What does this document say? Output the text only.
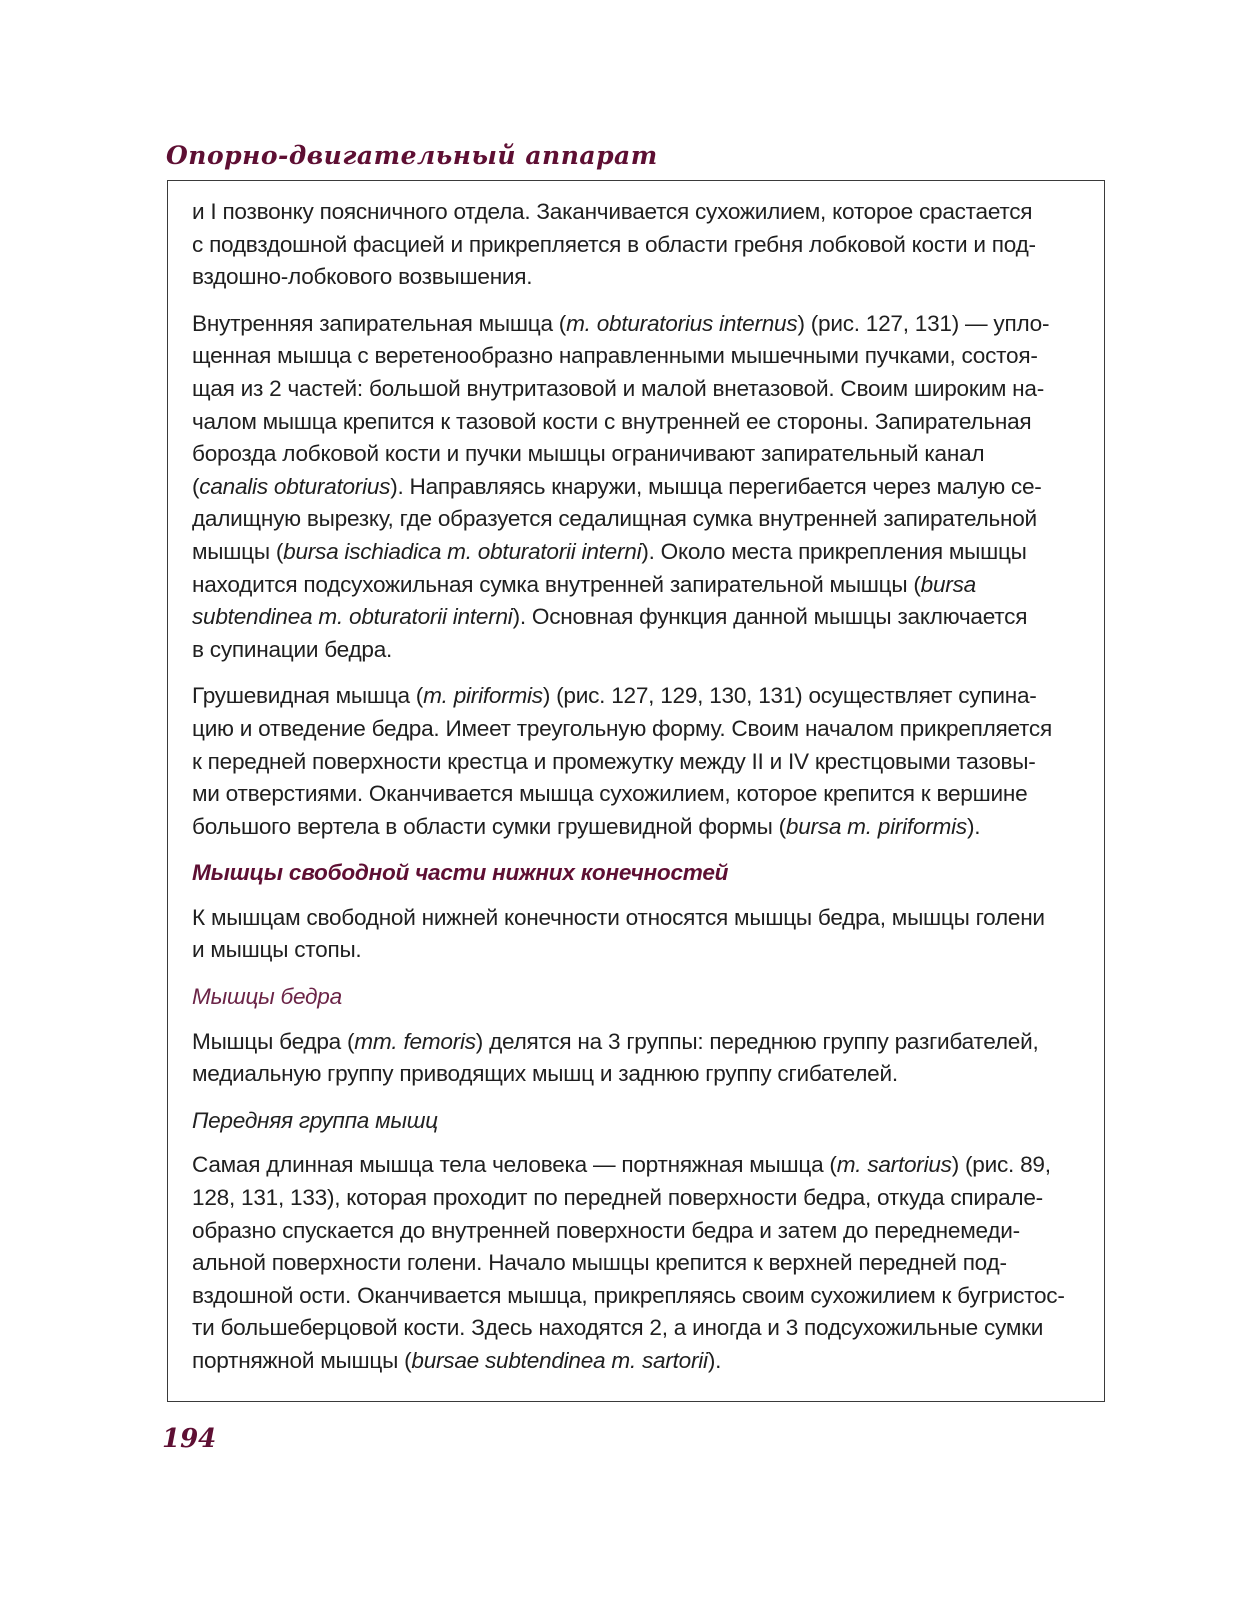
Опорно-двигательный аппарат

и I позвонку поясничного отдела. Заканчивается сухожилием, которое срастается
с подвздошной фасцией и прикрепляется в области гребня лобковой кости и под-
вздошно-лобкового возвышения.

Внутренняя запирательная мышца (m. obturatorius internus) (рис. 127, 131) — упло-
щенная мышца с веретенообразно направленными мышечными пучками, состоя-
щая из 2 частей: большой внутритазовой и малой внетазовой. Своим широким на-
чалом мышца крепится к тазовой кости с внутренней ее стороны. Запирательная
борозда лобковой кости и пучки мышцы ограничивают запирательный канал
(canalis obturatorius). Направляясь кнаружи, мышца перегибается через малую се-
далищную вырезку, где образуется седалищная сумка внутренней запирательной
мышцы (bursa ischiadica m. obturatorii interni). Около места прикрепления мышцы
находится подсухожильная сумка внутренней запирательной мышцы (bursa
subtendinea m. obturatorii interni). Основная функция данной мышцы заключается
в супинации бедра.

Грушевидная мышца (m. piriformis) (рис. 127, 129, 130, 131) осуществляет супина-
цию и отведение бедра. Имеет треугольную форму. Своим началом прикрепляется
к передней поверхности крестца и промежутку между II и IV крестцовыми тазовы-
ми отверстиями. Оканчивается мышца сухожилием, которое крепится к вершине
большого вертела в области сумки грушевидной формы (bursa m. piriformis).

Мышцы свободной части нижних конечностей

К мышцам свободной нижней конечности относятся мышцы бедра, мышцы голени
и мышцы стопы.

Мышцы бедра

Мышцы бедра (mm. femoris) делятся на 3 группы: переднюю группу разгибателей,
медиальную группу приводящих мышц и заднюю группу сгибателей.

Передняя группа мышц

Самая длинная мышца тела человека — портняжная мышца (m. sartorius) (рис. 89,
128, 131, 133), которая проходит по передней поверхности бедра, откуда спирале-
образно спускается до внутренней поверхности бедра и затем до переднемеди-
альной поверхности голени. Начало мышцы крепится к верхней передней под-
вздошной ости. Оканчивается мышца, прикрепляясь своим сухожилием к бугристос-
ти большеберцовой кости. Здесь находятся 2, а иногда и 3 подсухожильные сумки
портняжной мышцы (bursae subtendinea m. sartorii).

194
